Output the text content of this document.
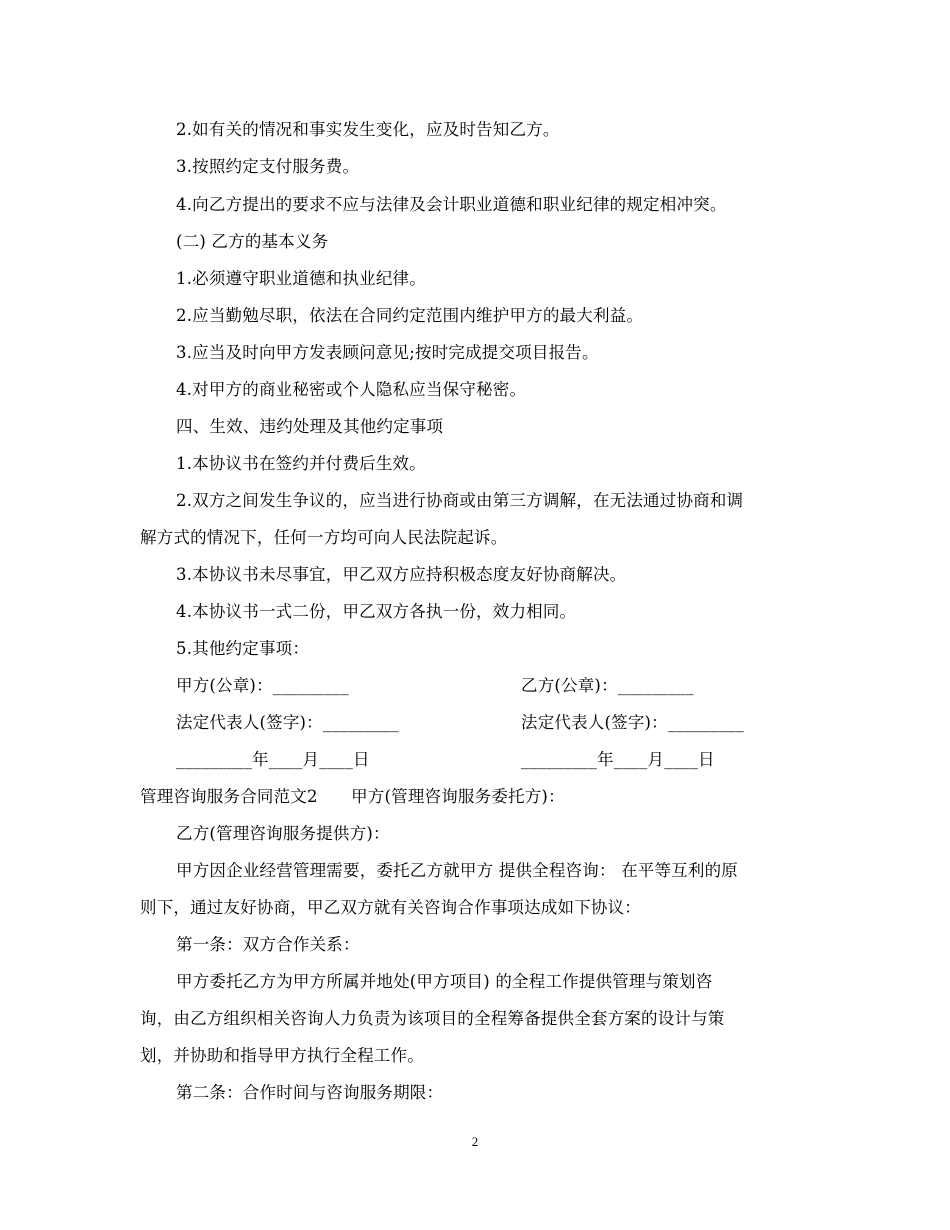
2.如有关的情况和事实发生变化，应及时告知乙方。
3.按照约定支付服务费。
4.向乙方提出的要求不应与法律及会计职业道德和职业纪律的规定相冲突。
(二) 乙方的基本义务
1.必须遵守职业道德和执业纪律。
2.应当勤勉尽职，依法在合同约定范围内维护甲方的最大利益。
3.应当及时向甲方发表顾问意见;按时完成提交项目报告。
4.对甲方的商业秘密或个人隐私应当保守秘密。
四、生效、违约处理及其他约定事项
1.本协议书在签约并付费后生效。
2.双方之间发生争议的，应当进行协商或由第三方调解，在无法通过协商和调
解方式的情况下，任何一方均可向人民法院起诉。
3.本协议书未尽事宜，甲乙双方应持积极态度友好协商解决。
4.本协议书一式二份，甲乙双方各执一份，效力相同。
5.其他约定事项：
甲方(公章)：_________	乙方(公章)：_________
法定代表人(签字)：_________	法定代表人(签字)：_________
_________年____月____日	_________年____月____日
管理咨询服务合同范文2　　甲方(管理咨询服务委托方)：
乙方(管理咨询服务提供方)：
甲方因企业经营管理需要，委托乙方就甲方 提供全程咨询： 在平等互利的原
则下，通过友好协商，甲乙双方就有关咨询合作事项达成如下协议：
第一条：双方合作关系：
甲方委托乙方为甲方所属并地处(甲方项目) 的全程工作提供管理与策划咨
询，由乙方组织相关咨询人力负责为该项目的全程筹备提供全套方案的设计与策
划，并协助和指导甲方执行全程工作。
第二条：合作时间与咨询服务期限：
2
